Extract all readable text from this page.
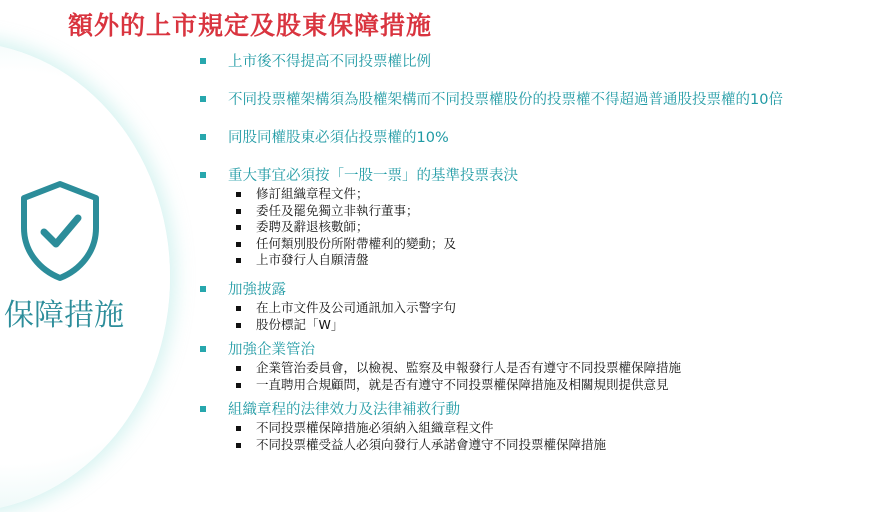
額外的上市規定及股東保障措施
保障措施
上市後不得提高不同投票權比例
不同投票權架構須為股權架構而不同投票權股份的投票權不得超過普通股投票權的10倍
同股同權股東必須佔投票權的10%
重大事宜必須按「一股一票」的基準投票表決
修訂組織章程文件；
委任及罷免獨立非執行董事；
委聘及辭退核數師；
任何類別股份所附帶權利的變動；及
上市發行人自願清盤
加強披露
在上市文件及公司通訊加入示警字句
股份標記「W」
加強企業管治
企業管治委員會，以檢視、監察及申報發行人是否有遵守不同投票權保障措施
一直聘用合規顧問，就是否有遵守不同投票權保障措施及相關規則提供意見
組織章程的法律效力及法律補救行動
不同投票權保障措施必須納入組織章程文件
不同投票權受益人必須向發行人承諾會遵守不同投票權保障措施
